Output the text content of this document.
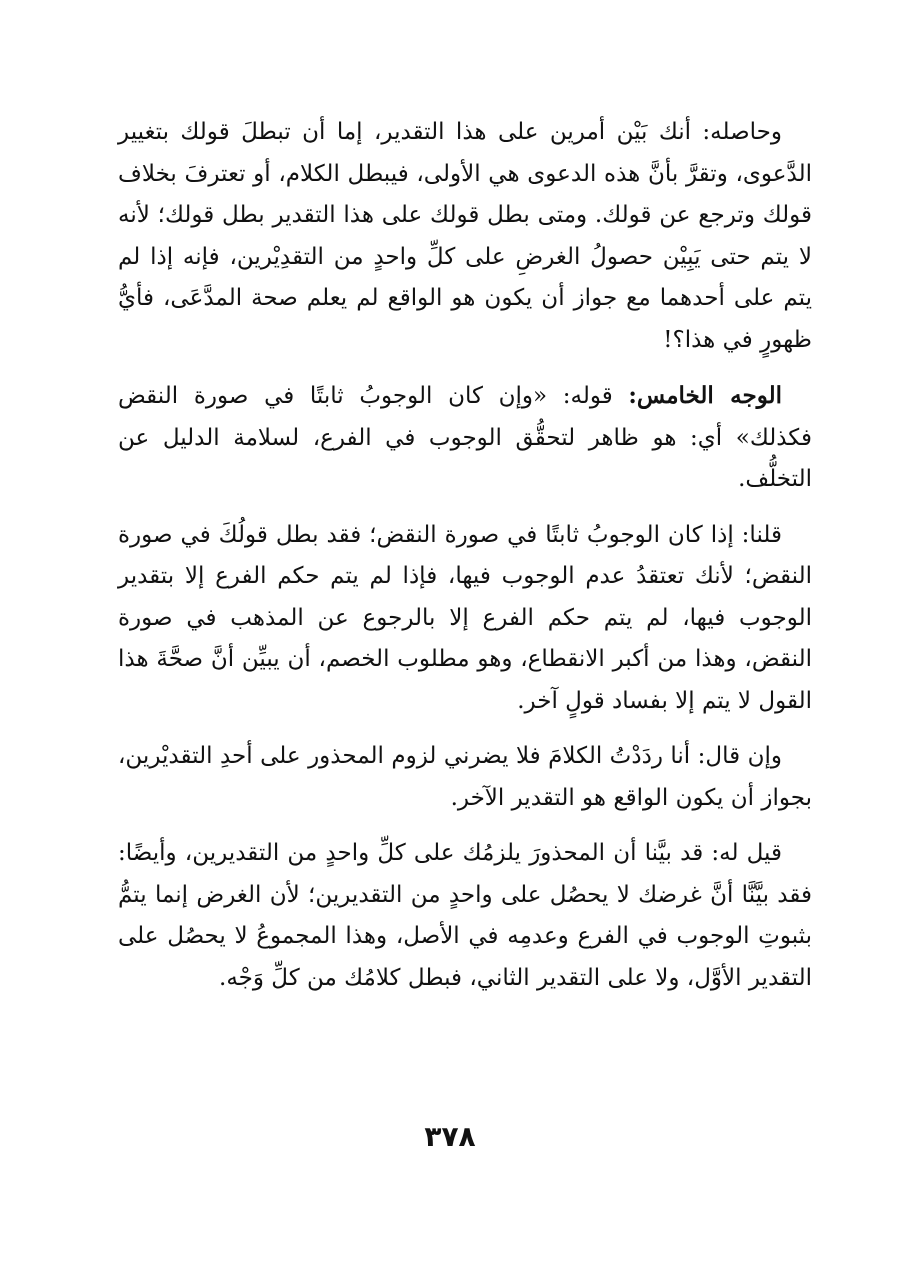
وحاصله: أنك بَيْن أمرين على هذا التقدير، إما أن تبطلَ قولك بتغيير الدَّعوى، وتقرَّ بأنَّ هذه الدعوى هي الأولى، فيبطل الكلام، أو تعترفَ بخلاف قولك وترجع عن قولك. ومتى بطل قولك على هذا التقدير بطل قولك؛ لأنه لا يتم حتى يَبِيْن حصولُ الغرضِ على كلِّ واحدٍ من التقدِيْرين، فإنه إذا لم يتم على أحدهما مع جواز أن يكون هو الواقع لم يعلم صحة المدَّعَى، فأيُّ ظهورٍ في هذا؟!

الوجه الخامس: قوله: «وإن كان الوجوبُ ثابتًا في صورة النقض فكذلك» أي: هو ظاهر لتحقُّق الوجوب في الفرع، لسلامة الدليل عن التخلُّف.

قلنا: إذا كان الوجوبُ ثابتًا في صورة النقض؛ فقد بطل قولُكَ في صورة النقض؛ لأنك تعتقدُ عدم الوجوب فيها، فإذا لم يتم حكم الفرع إلا بتقدير الوجوب فيها، لم يتم حكم الفرع إلا بالرجوع عن المذهب في صورة النقض، وهذا من أكبر الانقطاع، وهو مطلوب الخصم، أن يبيِّن أنَّ صحَّةَ هذا القول لا يتم إلا بفساد قولٍ آخر.

وإن قال: أنا ردَدْتُ الكلامَ فلا يضرني لزوم المحذور على أحدِ التقديْرين، بجواز أن يكون الواقع هو التقدير الآخر.

قيل له: قد بيَّنا أن المحذورَ يلزمُك على كلِّ واحدٍ من التقديرين، وأيضًا: فقد بيَّنَّا أنَّ غرضك لا يحصُل على واحدٍ من التقديرين؛ لأن الغرض إنما يتمُّ بثبوتِ الوجوب في الفرع وعدمِه في الأصل، وهذا المجموعُ لا يحصُل على التقدير الأوَّل، ولا على التقدير الثاني، فبطل كلامُك من كلِّ وَجْه.

٣٧٨
